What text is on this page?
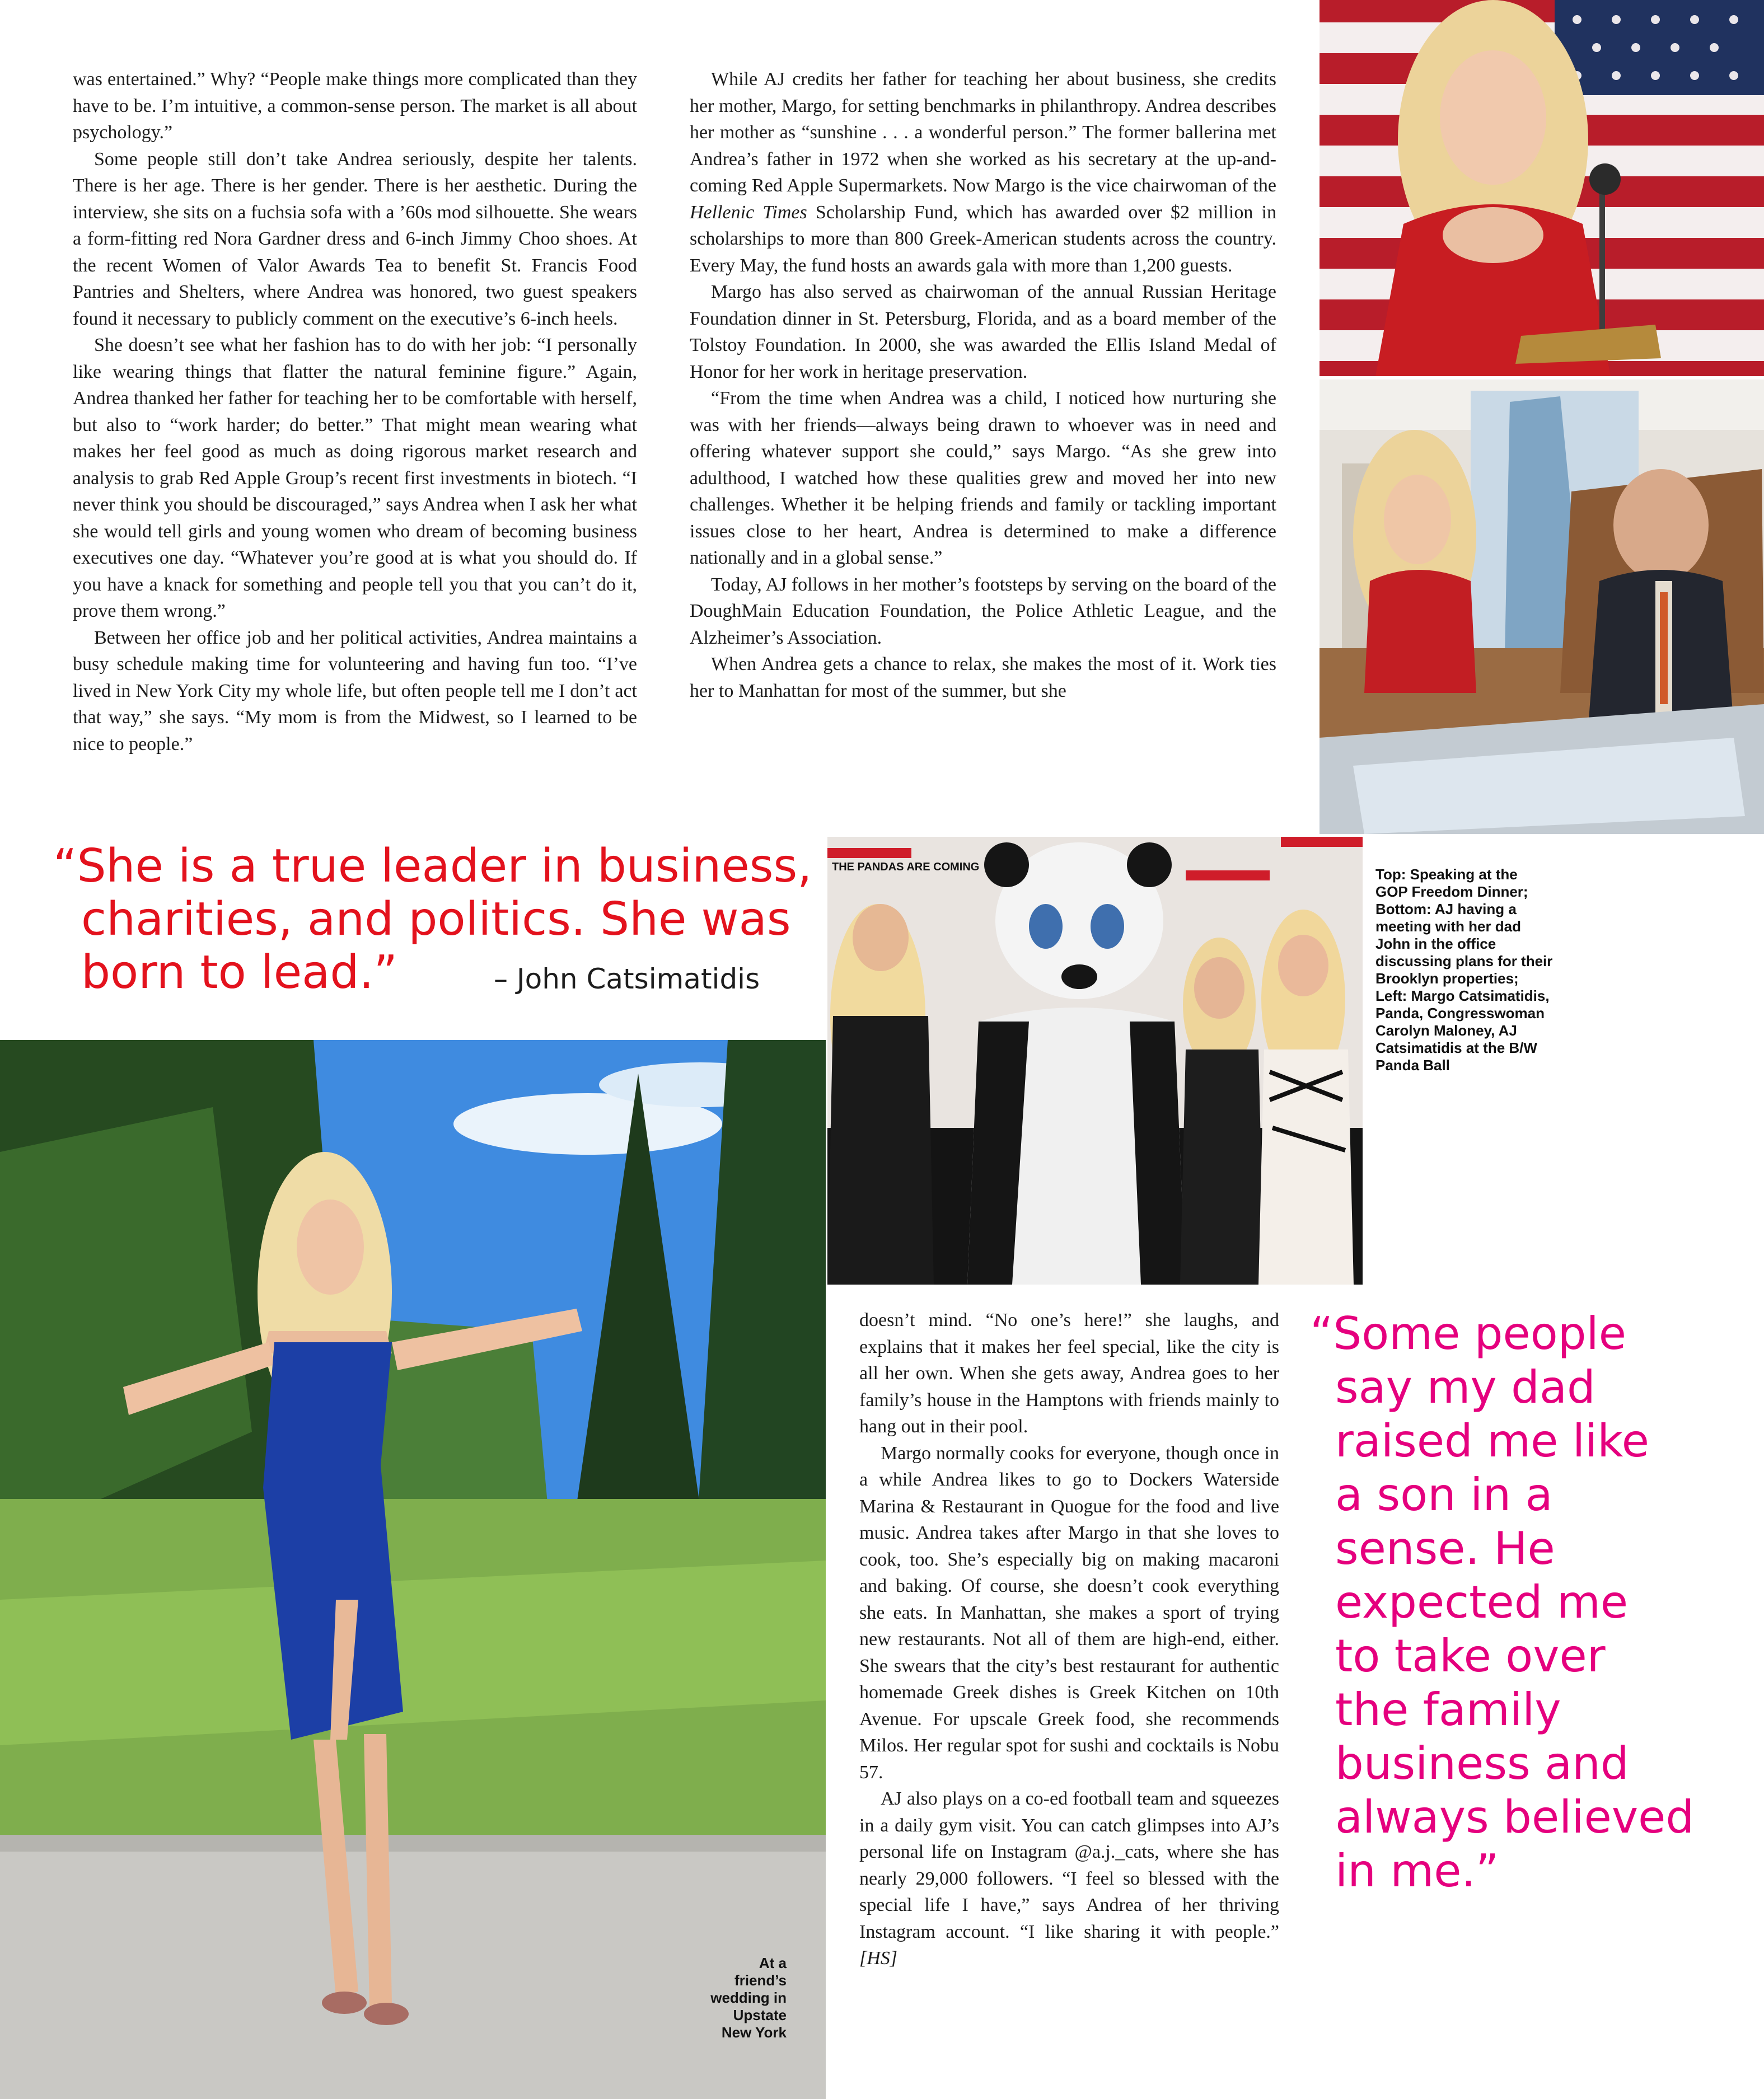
was entertained.” Why? “People make things more complicated than they have to be. I’m intuitive, a common-sense person. The market is all about psychology.”

Some people still don’t take Andrea seriously, despite her talents. There is her age. There is her gender. There is her aesthetic. During the interview, she sits on a fuchsia sofa with a ’60s mod silhouette. She wears a form-fitting red Nora Gardner dress and 6-inch Jimmy Choo shoes. At the recent Women of Valor Awards Tea to benefit St. Francis Food Pantries and Shelters, where Andrea was honored, two guest speakers found it necessary to publicly comment on the executive’s 6-inch heels.

She doesn’t see what her fashion has to do with her job: “I personally like wearing things that flatter the natural feminine figure.” Again, Andrea thanked her father for teaching her to be comfortable with herself, but also to “work harder; do better.” That might mean wearing what makes her feel good as much as doing rigorous market research and analysis to grab Red Apple Group’s recent first investments in biotech. “I never think you should be discouraged,” says Andrea when I ask her what she would tell girls and young women who dream of becoming business executives one day. “Whatever you’re good at is what you should do. If you have a knack for something and people tell you that you can’t do it, prove them wrong.”

Between her office job and her political activities, Andrea maintains a busy schedule making time for volunteering and having fun too. “I’ve lived in New York City my whole life, but often people tell me I don’t act that way,” she says. “My mom is from the Midwest, so I learned to be nice to people.”

While AJ credits her father for teaching her about business, she credits her mother, Margo, for setting benchmarks in philanthropy. Andrea describes her mother as “sunshine . . . a wonderful person.” The former ballerina met Andrea’s father in 1972 when she worked as his secretary at the up-and-coming Red Apple Supermarkets. Now Margo is the vice chairwoman of the Hellenic Times Scholarship Fund, which has awarded over $2 million in scholarships to more than 800 Greek-American students across the country. Every May, the fund hosts an awards gala with more than 1,200 guests.

Margo has also served as chairwoman of the annual Russian Heritage Foundation dinner in St. Petersburg, Florida, and as a board member of the Tolstoy Foundation. In 2000, she was awarded the Ellis Island Medal of Honor for her work in heritage preservation.

“From the time when Andrea was a child, I noticed how nurturing she was with her friends—always being drawn to whoever was in need and offering whatever support she could,” says Margo. “As she grew into adulthood, I watched how these qualities grew and moved her into new challenges. Whether it be helping friends and family or tackling important issues close to her heart, Andrea is determined to make a difference nationally and in a global sense.”

Today, AJ follows in her mother’s footsteps by serving on the board of the DoughMain Education Foundation, the Police Athletic League, and the Alzheimer’s Association.

When Andrea gets a chance to relax, she makes the most of it. Work ties her to Manhattan for most of the summer, but she

doesn’t mind. “No one’s here!” she laughs, and explains that it makes her feel special, like the city is all her own. When she gets away, Andrea goes to her family’s house in the Hamptons with friends mainly to hang out in their pool.

Margo normally cooks for everyone, though once in a while Andrea likes to go to Dockers Waterside Marina & Restaurant in Quogue for the food and live music. Andrea takes after Margo in that she loves to cook, too. She’s especially big on making macaroni and baking. Of course, she doesn’t cook everything she eats. In Manhattan, she makes a sport of trying new restaurants. Not all of them are high-end, either. She swears that the city’s best restaurant for authentic homemade Greek dishes is Greek Kitchen on 10th Avenue. For upscale Greek food, she recommends Milos. Her regular spot for sushi and cocktails is Nobu 57.

AJ also plays on a co-ed football team and squeezes in a daily gym visit. You can catch glimpses into AJ’s personal life on Instagram @a.j._cats, where she has nearly 29,000 followers. “I feel so blessed with the special life I have,” says Andrea of her thriving Instagram account. “I like sharing it with people.” [HS]

“She is a true leader in business,
charities, and politics. She was
born to lead.”	– John Catsimatidis
“Some people
say my dad
raised me like
a son in a
sense. He
expected me
to take over
the family
business and
always believed
in me.”
THE PANDAS ARE COMING	Top: Speaking at the
GOP Freedom Dinner;
Bottom: AJ having a
meeting with her dad
John in the office
discussing plans for their
Brooklyn properties;
Left: Margo Catsimatidis,
Panda, Congresswoman
Carolyn Maloney, AJ
Catsimatidis at the B/W
Panda Ball
At a
friend’s
wedding in
Upstate
New York
